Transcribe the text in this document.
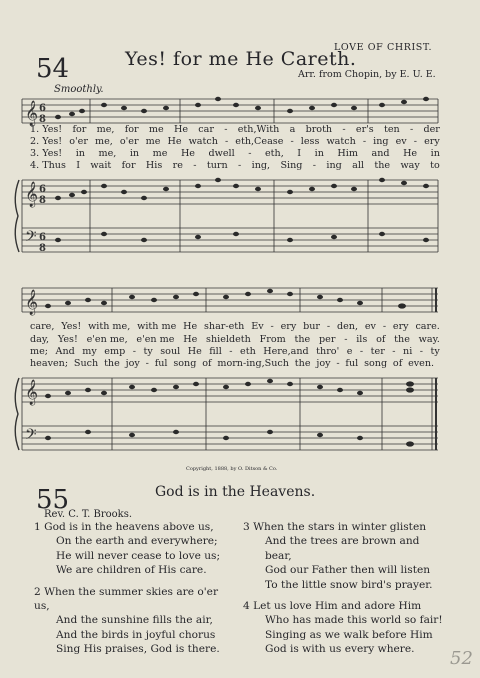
LOVE OF CHRIST.
54	Yes! for me He Careth.
Arr. from Chopin, by E. U. E.
Smoothly.
𝄞 6
8
1. Yes! for me, for me He car - eth,With a broth - er's ten - der
2. Yes! o'er me, o'er me He watch - eth,Cease - less watch - ing ev - ery
3. Yes! in me, in me He dwell - eth, I in Him and He in
4. Thus I wait for His re - turn - ing, Sing - ing all the way to
𝄞 6
8
𝄢 6
8
𝄞
care, Yes! with me, with me He shar-eth Ev - ery bur - den, ev - ery care.
day, Yes! e'en me, e'en me He shieldeth From the per - ils of the way.
me; And my emp - ty soul He fill - eth Here,and thro' e - ter - ni - ty
heaven; Such the joy - ful song of morn-ing,Such the joy - ful song of even.
𝄞
𝄢
Copyright, 1888, by O. Ditson & Co.
55	God is in the Heavens.
Rev. C. T. Brooks.
1 God is in the heavens above us,
On the earth and everywhere;
He will never cease to love us;
We are children of His care.
2 When the summer skies are o'er us,
And the sunshine fills the air,
And the birds in joyful chorus
Sing His praises, God is there.
3 When the stars in winter glisten
And the trees are brown and bear,
God our Father then will listen
To the little snow bird's prayer.
4 Let us love Him and adore Him
Who has made this world so fair!
Singing as we walk before Him
God is with us every where.	52
